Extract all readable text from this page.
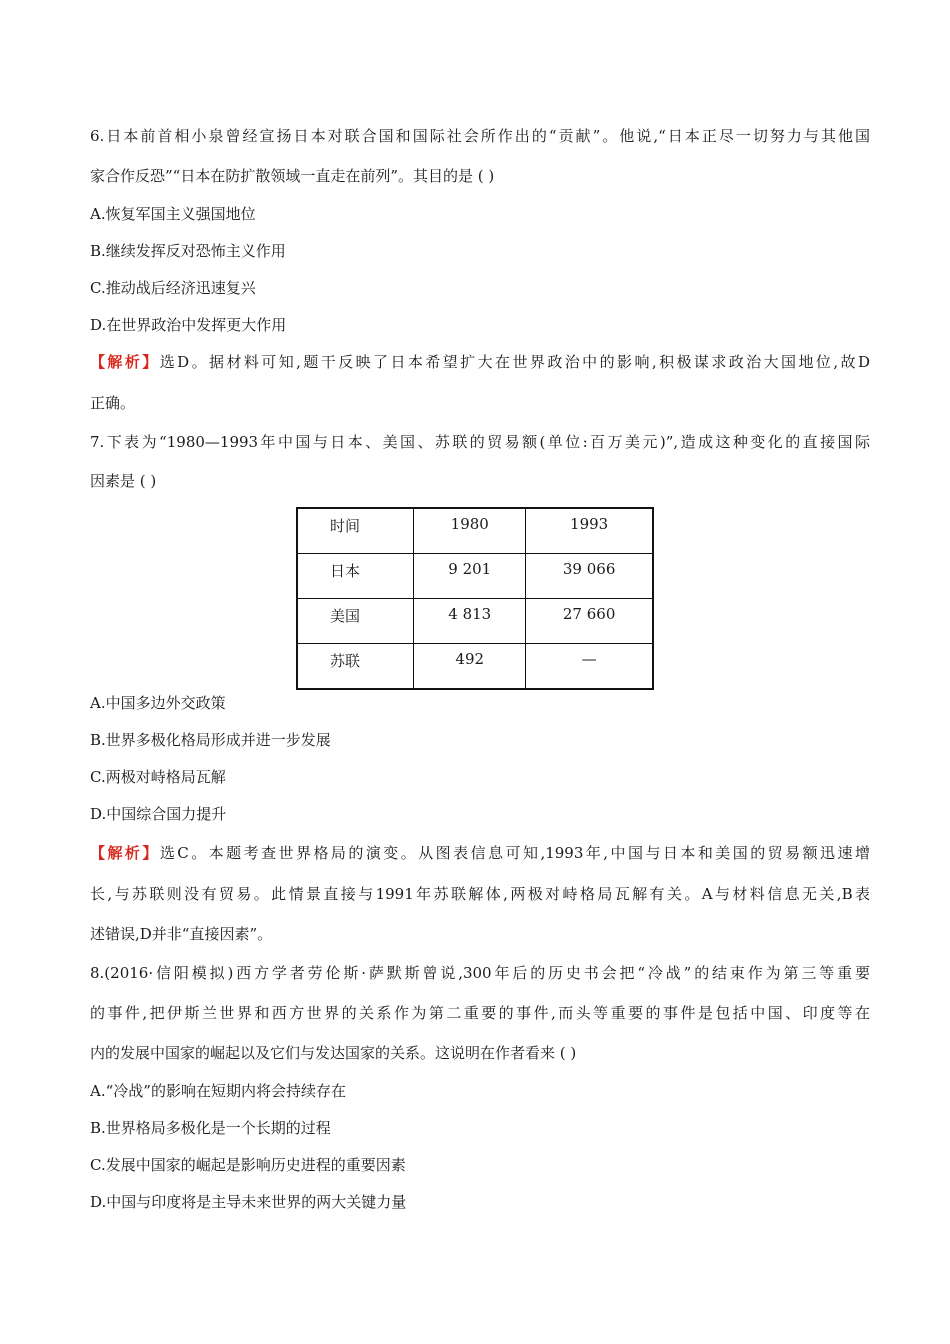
6.日本前首相小泉曾经宣扬日本对联合国和国际社会所作出的“贡献”。他说,“日本正尽一切努力与其他国
家合作反恐”“日本在防扩散领域一直走在前列”。其目的是 ( )
A.恢复军国主义强国地位
B.继续发挥反对恐怖主义作用
C.推动战后经济迅速复兴
D.在世界政治中发挥更大作用
【解析】选D。据材料可知,题干反映了日本希望扩大在世界政治中的影响,积极谋求政治大国地位,故D
正确。
7.下表为“1980—1993年中国与日本、美国、苏联的贸易额(单位:百万美元)”,造成这种变化的直接国际
因素是 ( )
时间	1980	1993
日本	9 201	39 066
美国	4 813	27 660
苏联	492	—
A.中国多边外交政策
B.世界多极化格局形成并进一步发展
C.两极对峙格局瓦解
D.中国综合国力提升
【解析】选C。本题考查世界格局的演变。从图表信息可知,1993年,中国与日本和美国的贸易额迅速增
长,与苏联则没有贸易。此情景直接与1991年苏联解体,两极对峙格局瓦解有关。A与材料信息无关,B表
述错误,D并非“直接因素”。
8.(2016·信阳模拟)西方学者劳伦斯·萨默斯曾说,300年后的历史书会把“冷战”的结束作为第三等重要
的事件,把伊斯兰世界和西方世界的关系作为第二重要的事件,而头等重要的事件是包括中国、印度等在
内的发展中国家的崛起以及它们与发达国家的关系。这说明在作者看来 ( )
A.“冷战”的影响在短期内将会持续存在
B.世界格局多极化是一个长期的过程
C.发展中国家的崛起是影响历史进程的重要因素
D.中国与印度将是主导未来世界的两大关键力量
